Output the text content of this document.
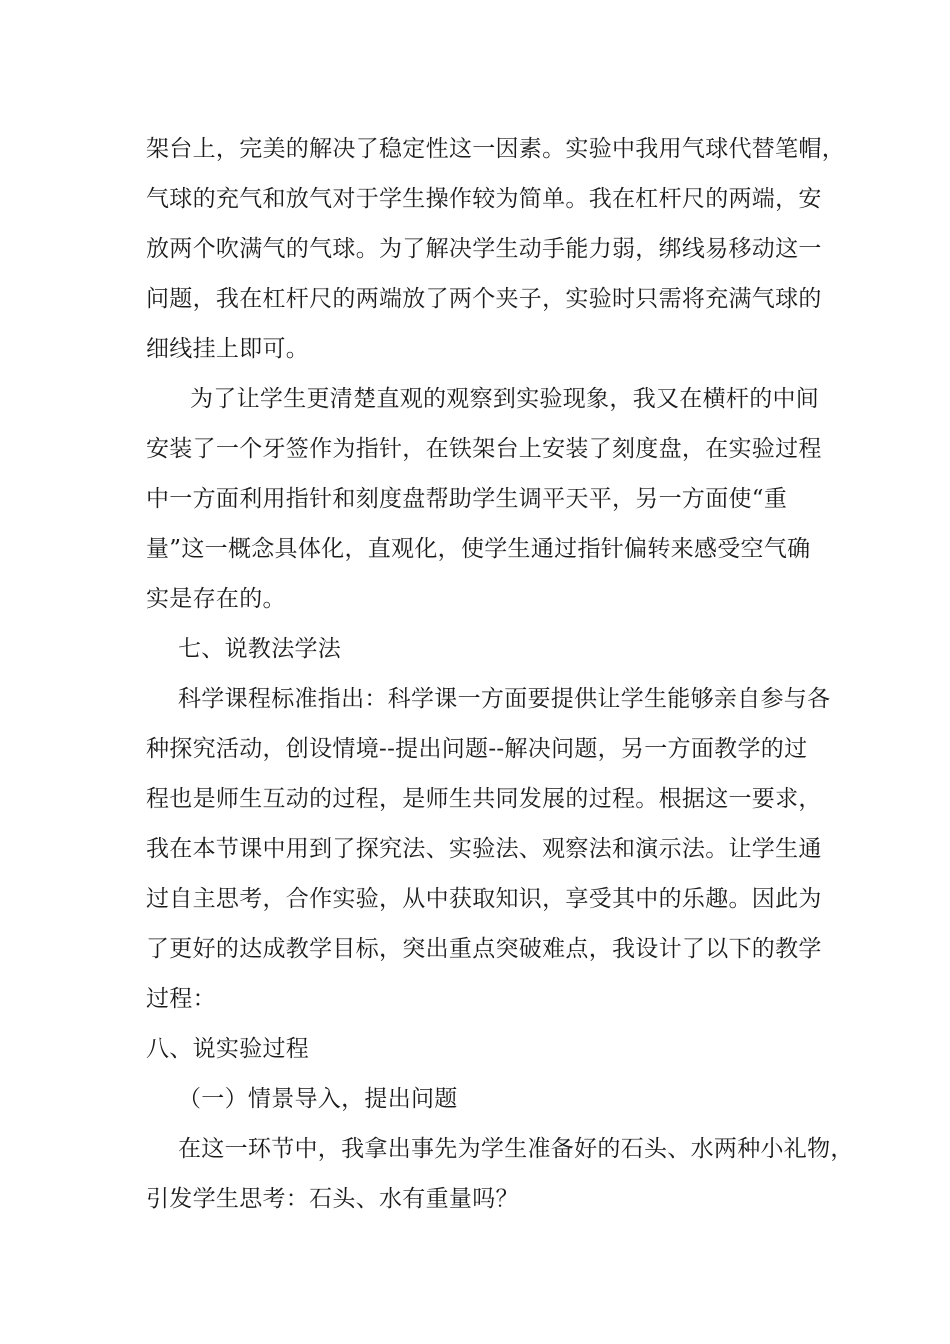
架台上，完美的解决了稳定性这一因素。实验中我用气球代替笔帽，
气球的充气和放气对于学生操作较为简单。我在杠杆尺的两端，安
放两个吹满气的气球。为了解决学生动手能力弱，绑线易移动这一
问题，我在杠杆尺的两端放了两个夹子，实验时只需将充满气球的
细线挂上即可。
为了让学生更清楚直观的观察到实验现象，我又在横杆的中间
安装了一个牙签作为指针，在铁架台上安装了刻度盘，在实验过程
中一方面利用指针和刻度盘帮助学生调平天平，另一方面使“重
量”这一概念具体化，直观化，使学生通过指针偏转来感受空气确
实是存在的。
七、说教法学法
科学课程标准指出：科学课一方面要提供让学生能够亲自参与各
种探究活动，创设情境--提出问题--解决问题，另一方面教学的过
程也是师生互动的过程，是师生共同发展的过程。根据这一要求，
我在本节课中用到了探究法、实验法、观察法和演示法。让学生通
过自主思考，合作实验，从中获取知识，享受其中的乐趣。因此为
了更好的达成教学目标，突出重点突破难点，我设计了以下的教学
过程：
八、说实验过程
（一）情景导入，提出问题
在这一环节中，我拿出事先为学生准备好的石头、水两种小礼物，
引发学生思考：石头、水有重量吗？
